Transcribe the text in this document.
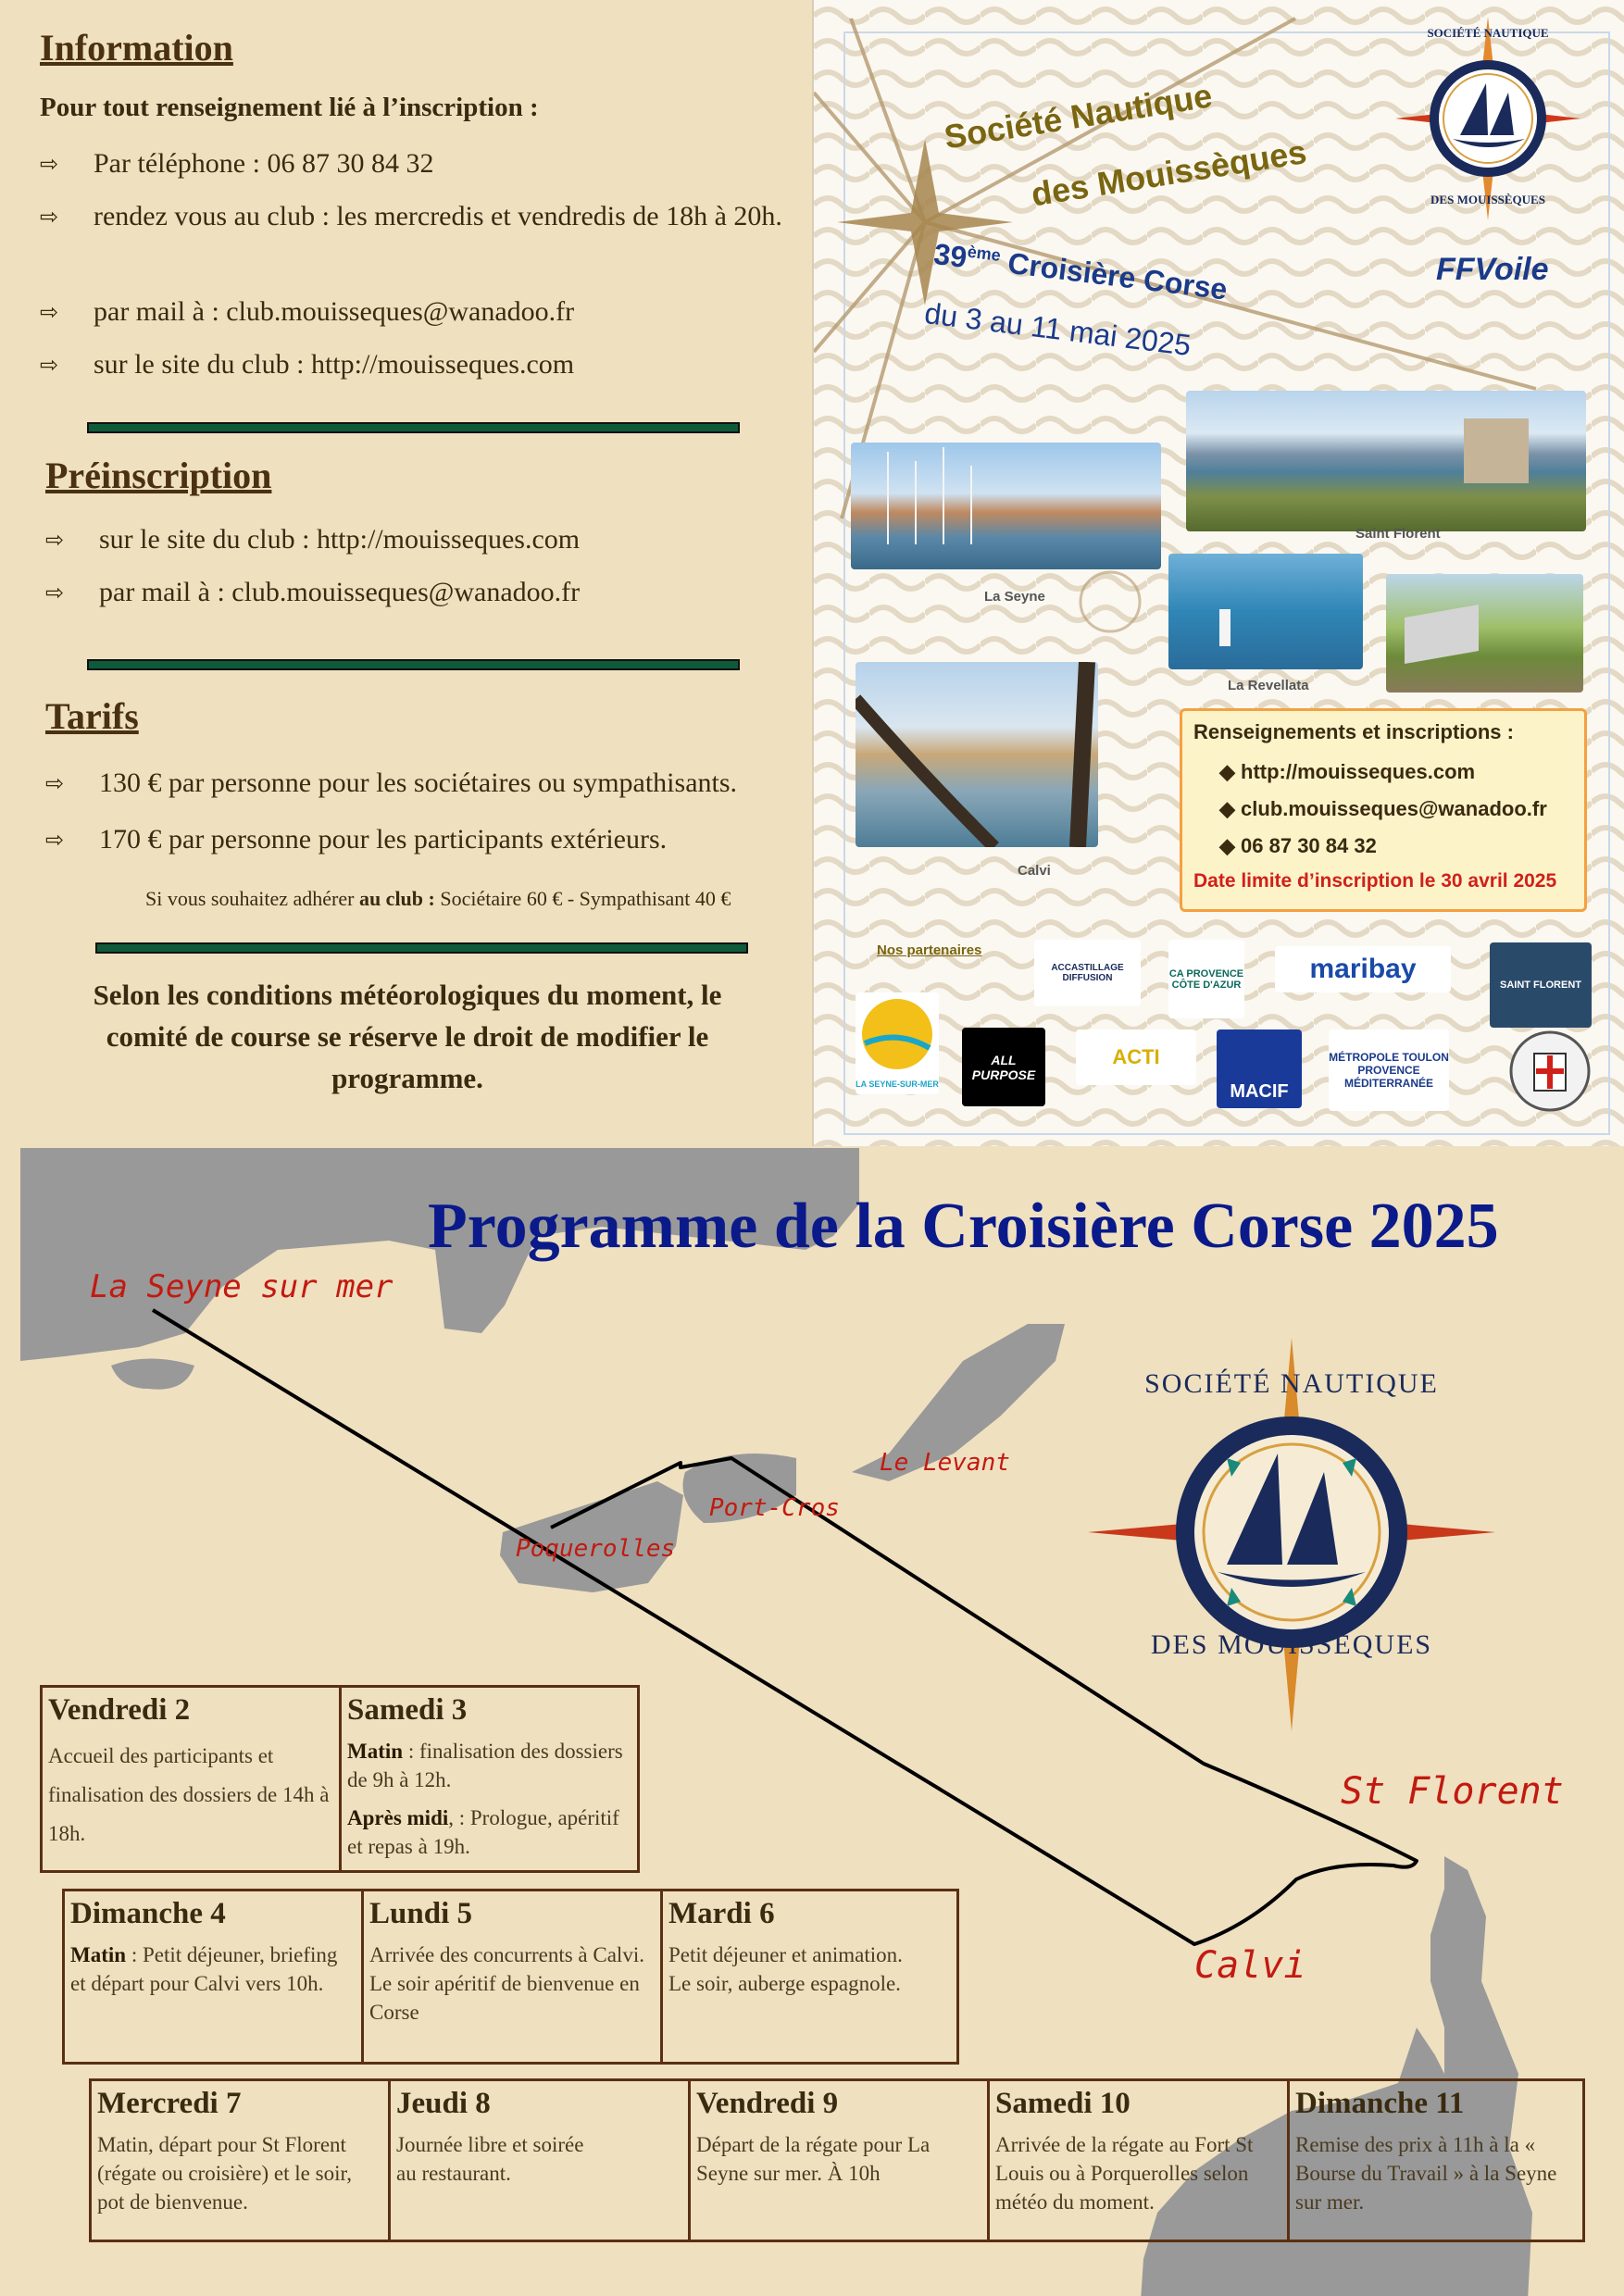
Information
Pour tout renseignement lié à l’inscription :
⇨	Par téléphone : 06 87 30 84 32
⇨	rendez vous au club : les mercredis et vendredis de 18h à 20h.
⇨	par mail à : club.mouisseques@wanadoo.fr
⇨	sur le site du club : http://mouisseques.com
Préinscription
⇨	sur le site du club : http://mouisseques.com
⇨	par mail à : club.mouisseques@wanadoo.fr
Tarifs
⇨	130 € par personne pour les sociétaires ou sympathisants.
⇨	170 € par personne pour les participants extérieurs.
Si vous souhaitez adhérer au club : Sociétaire 60 € - Sympathisant 40 €
Selon les conditions météorologiques du moment, le comité de course se réserve le droit de modifier le programme.
SOCIÉTÉ NAUTIQUE
DES MOUISSÈQUES
Société Nautique
des Mouissèques
39ème Croisière Corse
du 3 au 11 mai 2025
FFVoile
La Seyne
Saint Florent
La Revellata
Calvi
Renseignements et inscriptions :
◆ http://mouisseques.com
◆ club.mouisseques@wanadoo.fr
◆ 06 87 30 84 32
Date limite d’inscription le 30 avril 2025
Nos partenaires
ACCASTILLAGE DIFFUSION	CA PROVENCE CÔTE D'AZUR
maribay
SAINT FLORENT
LA SEYNE-SUR-MER
ALL PURPOSE
ACTI
MACIF
MÉTROPOLE TOULON PROVENCE MÉDITERRANÉE
SOCIÉTÉ NAUTIQUE
DES MOUISSÈQUES
Programme de la Croisière Corse 2025
La Seyne sur mer
Le Levant
Port-Cros
Poquerolles
St Florent
Calvi
Vendredi 2
Accueil des participants et finalisation des dossiers de 14h à 18h.
Samedi 3
Matin : finalisation des dossiers de 9h à 12h.
Après midi, : Prologue, apéritif et repas à 19h.
Dimanche 4
Matin : Petit déjeuner, briefing et départ pour Calvi vers 10h.
Lundi 5
Arrivée des concurrents à Calvi.
Le soir apéritif de bienvenue en Corse
Mardi 6
Petit déjeuner et animation.
Le soir, auberge espagnole.
Mercredi 7
Matin, départ pour St Florent (régate ou croisière) et le soir, pot de bienvenue.
Jeudi 8
Journée libre et soirée au restaurant.
Vendredi 9
Départ de la régate pour La Seyne sur mer. À 10h
Samedi 10
Arrivée de la régate au Fort St Louis ou à Porquerolles selon météo du moment.
Dimanche 11
Remise des prix à 11h à la « Bourse du Travail » à la Seyne sur mer.
